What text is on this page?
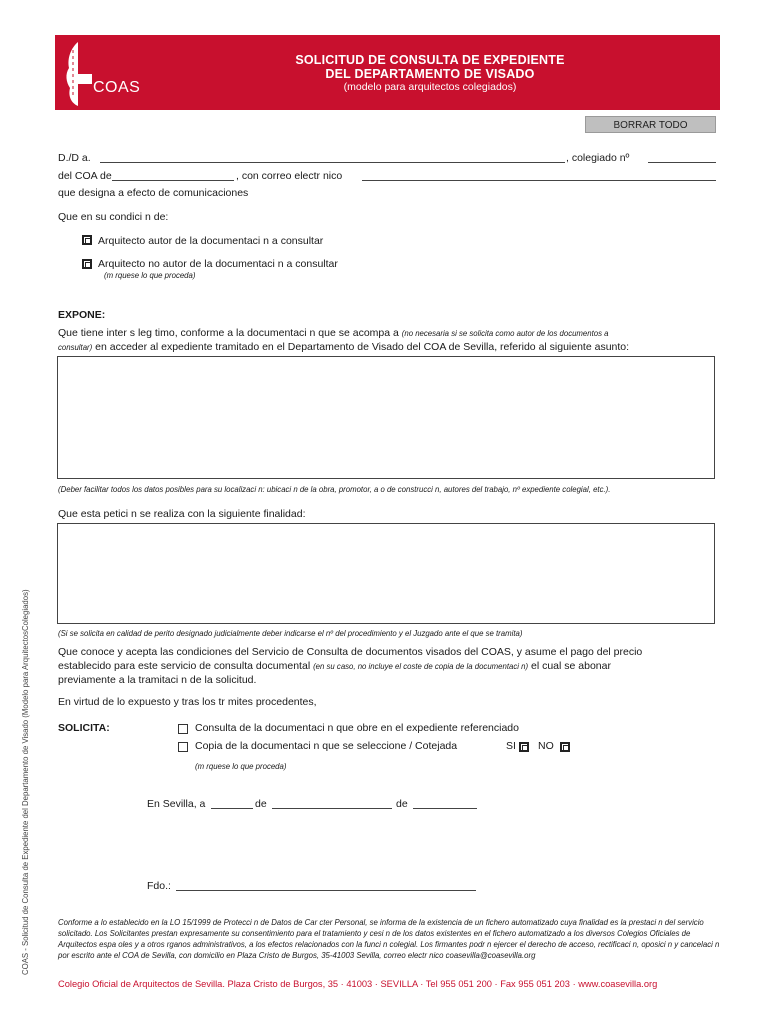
COAS
SOLICITUD DE CONSULTA DE EXPEDIENTE
DEL DEPARTAMENTO DE VISADO
(modelo para arquitectos colegiados)
BORRAR TODO
D./D a.	, colegiado nº
del COA de	, con correo electr nico
que designa a efecto de comunicaciones
Que en su condici n de:
Arquitecto autor de la documentaci n a consultar
Arquitecto no autor de la documentaci n a consultar
(m rquese lo que proceda)
EXPONE:
Que tiene inter s leg timo, conforme a la documentaci n que se acompa a (no necesaria si se solicita como autor de los documentos a
consultar) en acceder al expediente tramitado en el Departamento de Visado del COA de Sevilla, referido al siguiente asunto:
(Deber facilitar todos los datos posibles para su localizaci n: ubicaci n de la obra, promotor, a o de construcci n, autores del trabajo, nº expediente colegial, etc.).
Que esta petici n se realiza con la siguiente finalidad:
(Si se solicita en calidad de perito designado judicialmente deber indicarse el nº del procedimiento y el Juzgado ante el que se tramita)
Que conoce y acepta las condiciones del Servicio de Consulta de documentos visados del COAS, y asume el pago del precio
establecido para este servicio de consulta documental (en su caso, no incluye el coste de copia de la documentaci n) el cual se abonar
previamente a la tramitaci n de la solicitud.
En virtud de lo expuesto y tras los tr mites procedentes,
SOLICITA:	Consulta de la documentaci n que obre en el expediente referenciado
Copia de la documentaci n que se seleccione / Cotejada	SI NO
(m rquese lo que proceda)
En Sevilla, a	de	de
Fdo.:
Conforme a lo establecido en la LO 15/1999 de Protecci n de Datos de Car cter Personal, se informa de la existencia de un fichero automatizado cuya finalidad es la prestaci n del servicio solicitado. Los Solicitantes prestan expresamente su consentimiento para el tratamiento y cesi n de los datos existentes en el fichero automatizado a los diversos Colegios Oficiales de Arquitectos espa oles y a otros rganos administrativos, a los efectos relacionados con la funci n colegial. Los firmantes podr n ejercer el derecho de acceso, rectificaci n, oposici n y cancelaci n por escrito ante el COA de Sevilla, con domicilio en Plaza Cristo de Burgos, 35-41003 Sevilla, correo electr nico coasevilla@coasevilla.org
Colegio Oficial de Arquitectos de Sevilla. Plaza Cristo de Burgos, 35 · 41003 · SEVILLA · Tel 955 051 200 · Fax 955 051 203 · www.coasevilla.org
COAS - Solicitud de Consulta de Expediente del Departamento de Visado (Modelo para ArquitectosColegiados)
